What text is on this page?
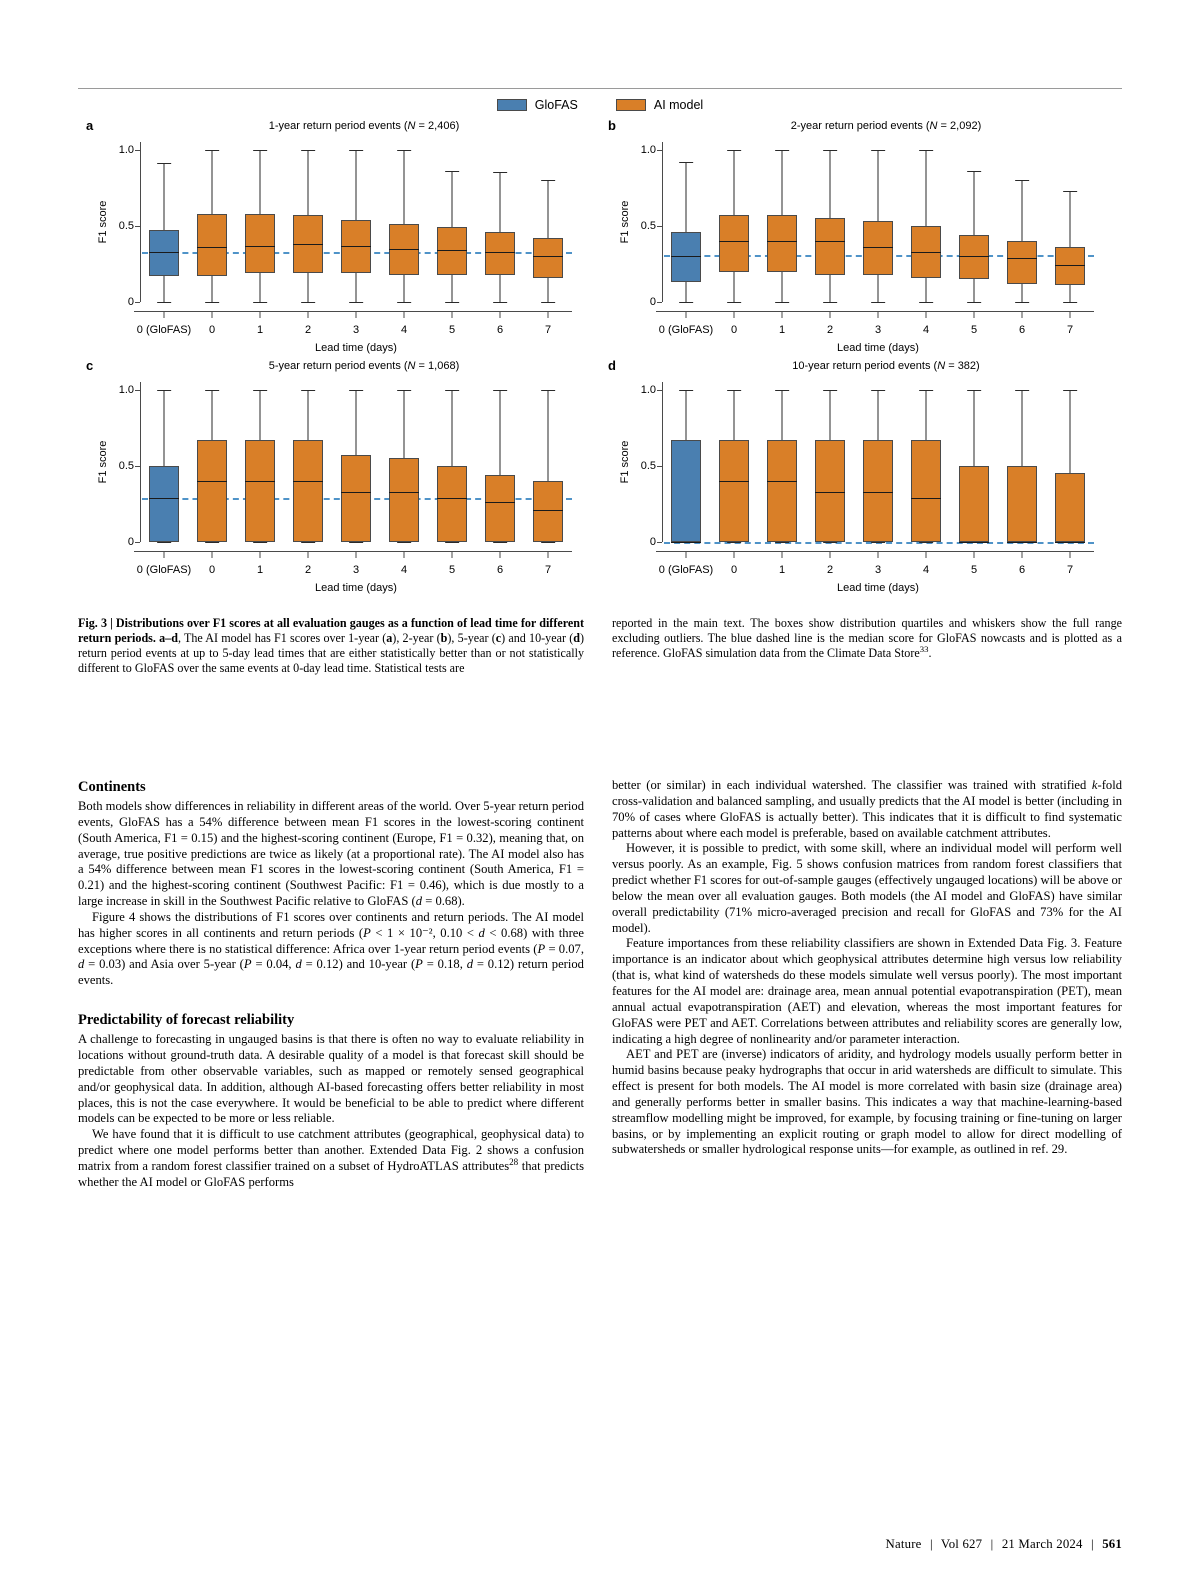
GloFAS	AI model
a	1-year return period events (N = 2,406)
F1 score
0
0.5
1.0
0 (GloFAS) 0	1	2	3	4	5	6	7
Lead time (days)
b	2-year return period events (N = 2,092)
F1 score
0
0.5
1.0
0 (GloFAS) 0	1	2	3	4	5	6	7
Lead time (days)
c	5-year return period events (N = 1,068)
F1 score
0
0.5
1.0
0 (GloFAS) 0	1	2	3	4	5	6	7
Lead time (days)
d	10-year return period events (N = 382)
F1 score
0
0.5
1.0
0 (GloFAS) 0	1	2	3	4	5	6	7
Lead time (days)
Fig. 3 | Distributions over F1 scores at all evaluation gauges as a function of lead time for different return periods. a–d, The AI model has F1 scores over 1-year (a), 2-year (b), 5-year (c) and 10-year (d) return period events at up to 5-day lead times that are either statistically better than or not statistically different to GloFAS over the same events at 0-day lead time. Statistical tests are
reported in the main text. The boxes show distribution quartiles and whiskers show the full range excluding outliers. The blue dashed line is the median score for GloFAS nowcasts and is plotted as a reference. GloFAS simulation data from the Climate Data Store$^{33}$.
Continents

Both models show differences in reliability in different areas of the world. Over 5-year return period events, GloFAS has a 54% difference between mean F1 scores in the lowest-scoring continent (South America, F1 = 0.15) and the highest-scoring continent (Europe, F1 = 0.32), meaning that, on average, true positive predictions are twice as likely (at a proportional rate). The AI model also has a 54% difference between mean F1 scores in the lowest-scoring continent (South America, F1 = 0.21) and the highest-scoring continent (Southwest Pacific: F1 = 0.46), which is due mostly to a large increase in skill in the Southwest Pacific relative to GloFAS (d = 0.68).

Figure 4 shows the distributions of F1 scores over continents and return periods. The AI model has higher scores in all continents and return periods (P < 1 × 10⁻², 0.10 < d < 0.68) with three exceptions where there is no statistical difference: Africa over 1-year return period events (P = 0.07, d = 0.03) and Asia over 5-year (P = 0.04, d = 0.12) and 10-year (P = 0.18, d = 0.12) return period events.

Predictability of forecast reliability

A challenge to forecasting in ungauged basins is that there is often no way to evaluate reliability in locations without ground-truth data. A desirable quality of a model is that forecast skill should be predictable from other observable variables, such as mapped or remotely sensed geographical and/or geophysical data. In addition, although AI-based forecasting offers better reliability in most places, this is not the case everywhere. It would be beneficial to be able to predict where different models can be expected to be more or less reliable.

We have found that it is difficult to use catchment attributes (geographical, geophysical data) to predict where one model performs better than another. Extended Data Fig. 2 shows a confusion matrix from a random forest classifier trained on a subset of HydroATLAS attributes$^{28}$ that predicts whether the AI model or GloFAS performs

better (or similar) in each individual watershed. The classifier was trained with stratified k-fold cross-validation and balanced sampling, and usually predicts that the AI model is better (including in 70% of cases where GloFAS is actually better). This indicates that it is difficult to find systematic patterns about where each model is preferable, based on available catchment attributes.

However, it is possible to predict, with some skill, where an individual model will perform well versus poorly. As an example, Fig. 5 shows confusion matrices from random forest classifiers that predict whether F1 scores for out-of-sample gauges (effectively ungauged locations) will be above or below the mean over all evaluation gauges. Both models (the AI model and GloFAS) have similar overall predictability (71% micro-averaged precision and recall for GloFAS and 73% for the AI model).

Feature importances from these reliability classifiers are shown in Extended Data Fig. 3. Feature importance is an indicator about which geophysical attributes determine high versus low reliability (that is, what kind of watersheds do these models simulate well versus poorly). The most important features for the AI model are: drainage area, mean annual potential evapotranspiration (PET), mean annual actual evapotranspiration (AET) and elevation, whereas the most important features for GloFAS were PET and AET. Correlations between attributes and reliability scores are generally low, indicating a high degree of nonlinearity and/or parameter interaction.

AET and PET are (inverse) indicators of aridity, and hydrology models usually perform better in humid basins because peaky hydrographs that occur in arid watersheds are difficult to simulate. This effect is present for both models. The AI model is more correlated with basin size (drainage area) and generally performs better in smaller basins. This indicates a way that machine-learning-based streamflow modelling might be improved, for example, by focusing training or fine-tuning on larger basins, or by implementing an explicit routing or graph model to allow for direct modelling of subwatersheds or smaller hydrological response units—for example, as outlined in ref. 29.

Nature | Vol 627 | 21 March 2024 | 561
